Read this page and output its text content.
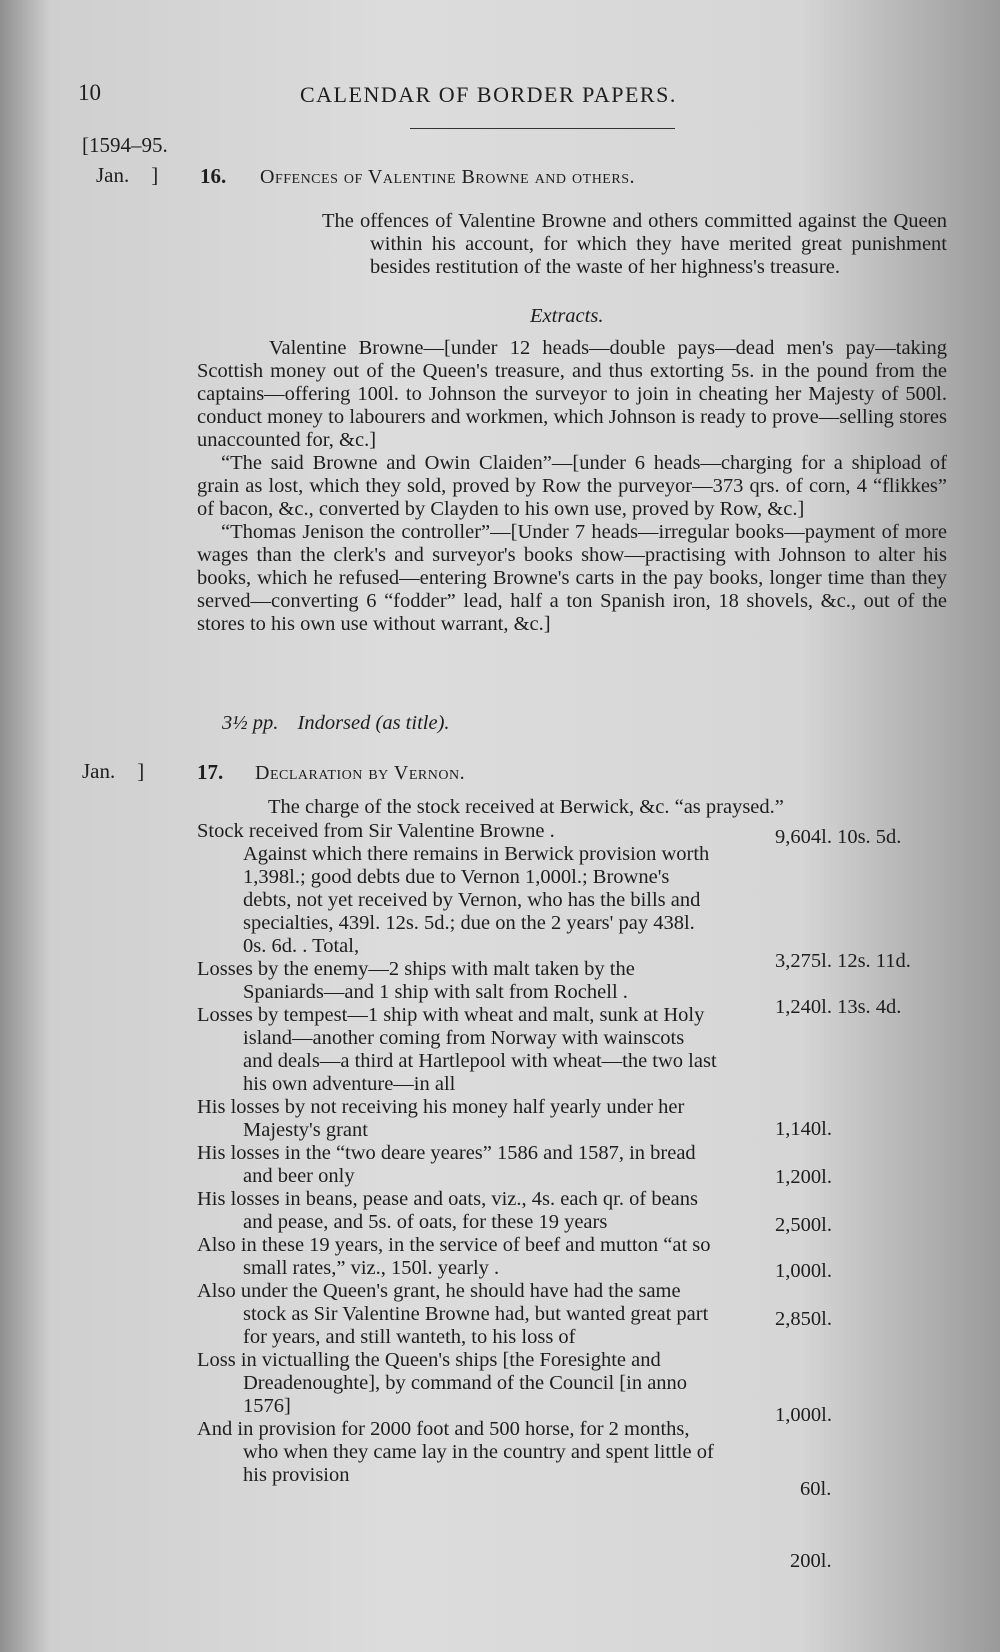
10	CALENDAR OF BORDER PAPERS.
[1594–95.
Jan. ] 16. Offences of Valentine Browne and others.

The offences of Valentine Browne and others committed against the Queen within his account, for which they have merited great punishment besides restitution of the waste of her highness's treasure.

Extracts.

Valentine Browne—[under 12 heads—double pays—dead men's pay—taking Scottish money out of the Queen's treasure, and thus extorting 5s. in the pound from the captains—offering 100l. to Johnson the surveyor to join in cheating her Majesty of 500l. conduct money to labourers and workmen, which Johnson is ready to prove—selling stores unaccounted for, &c.]

“The said Browne and Owin Claiden”—[under 6 heads—charging for a shipload of grain as lost, which they sold, proved by Row the purveyor—373 qrs. of corn, 4 “flikkes” of bacon, &c., converted by Clayden to his own use, proved by Row, &c.]

“Thomas Jenison the controller”—[Under 7 heads—irregular books—payment of more wages than the clerk's and surveyor's books show—practising with Johnson to alter his books, which he refused—entering Browne's carts in the pay books, longer time than they served—converting 6 “fodder” lead, half a ton Spanish iron, 18 shovels, &c., out of the stores to his own use without warrant, &c.]

3½ pp. Indorsed (as title).
Jan. ]	17. Declaration by Vernon.
The charge of the stock received at Berwick, &c. “as praysed.”

Stock received from Sir Valentine Browne .

Against which there remains in Berwick provision worth 1,398l.; good debts due to Vernon 1,000l.; Browne's debts, not yet received by Vernon, who has the bills and specialties, 439l. 12s. 5d.; due on the 2 years' pay 438l. 0s. 6d. . Total,

Losses by the enemy—2 ships with malt taken by the Spaniards—and 1 ship with salt from Rochell .

Losses by tempest—1 ship with wheat and malt, sunk at Holy island—another coming from Norway with wainscots and deals—a third at Hartlepool with wheat—the two last his own adventure—in all

His losses by not receiving his money half yearly under her Majesty's grant

His losses in the “two deare yeares” 1586 and 1587, in bread and beer only

His losses in beans, pease and oats, viz., 4s. each qr. of beans and pease, and 5s. of oats, for these 19 years

Also in these 19 years, in the service of beef and mutton “at so small rates,” viz., 150l. yearly .

Also under the Queen's grant, he should have had the same stock as Sir Valentine Browne had, but wanted great part for years, and still wanteth, to his loss of

Loss in victualling the Queen's ships [the Foresighte and Dreadenoughte], by command of the Council [in anno 1576]

And in provision for 2000 foot and 500 horse, for 2 months, who when they came lay in the country and spent little of his provision

9,604l. 10s. 5d.
3,275l. 12s. 11d.
1,240l. 13s. 4d.
1,140l.
1,200l.
2,500l.
1,000l.
2,850l.
1,000l.
60l.
200l.
